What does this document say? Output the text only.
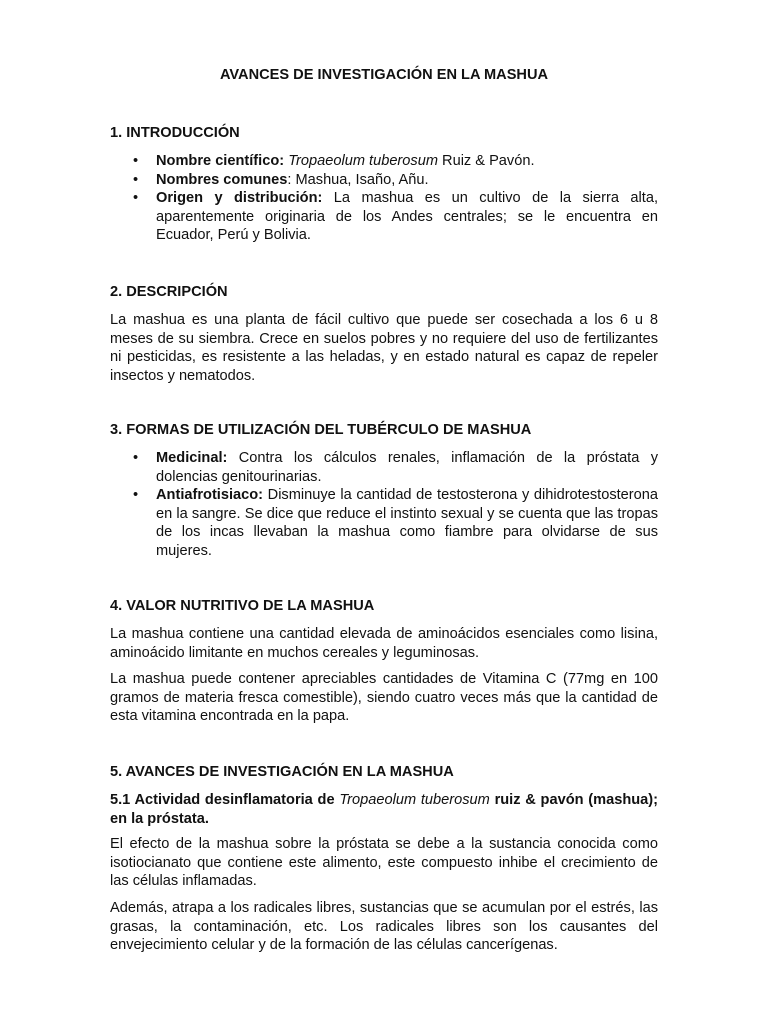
AVANCES DE INVESTIGACIÓN EN LA MASHUA
1. INTRODUCCIÓN
• Nombre científico: Tropaeolum tuberosum Ruiz & Pavón.
• Nombres comunes: Mashua, Isaño, Añu.
• Origen y distribución: La mashua es un cultivo de la sierra alta, aparentemente originaria de los Andes centrales; se le encuentra en Ecuador, Perú y Bolivia.
2. DESCRIPCIÓN

La mashua es una planta de fácil cultivo que puede ser cosechada a los 6 u 8 meses de su siembra. Crece en suelos pobres y no requiere del uso de fertilizantes ni pesticidas, es resistente a las heladas, y en estado natural es capaz de repeler insectos y nematodos.

3. FORMAS DE UTILIZACIÓN DEL TUBÉRCULO DE MASHUA
• Medicinal: Contra los cálculos renales, inflamación de la próstata y dolencias genitourinarias.
• Antiafrotisiaco: Disminuye la cantidad de testosterona y dihidrotestosterona en la sangre. Se dice que reduce el instinto sexual y se cuenta que las tropas de los incas llevaban la mashua como fiambre para olvidarse de sus mujeres.
4. VALOR NUTRITIVO DE LA MASHUA

La mashua contiene una cantidad elevada de aminoácidos esenciales como lisina, aminoácido limitante en muchos cereales y leguminosas.

La mashua puede contener apreciables cantidades de Vitamina C (77mg en 100 gramos de materia fresca comestible), siendo cuatro veces más que la cantidad de esta vitamina encontrada en la papa.

5. AVANCES DE INVESTIGACIÓN EN LA MASHUA

5.1 Actividad desinflamatoria de Tropaeolum tuberosum ruiz & pavón (mashua); en la próstata.

El efecto de la mashua sobre la próstata se debe a la sustancia conocida como isotiocianato que contiene este alimento, este compuesto inhibe el crecimiento de las células inflamadas.

Además, atrapa a los radicales libres, sustancias que se acumulan por el estrés, las grasas, la contaminación, etc. Los radicales libres son los causantes del envejecimiento celular y de la formación de las células cancerígenas.
